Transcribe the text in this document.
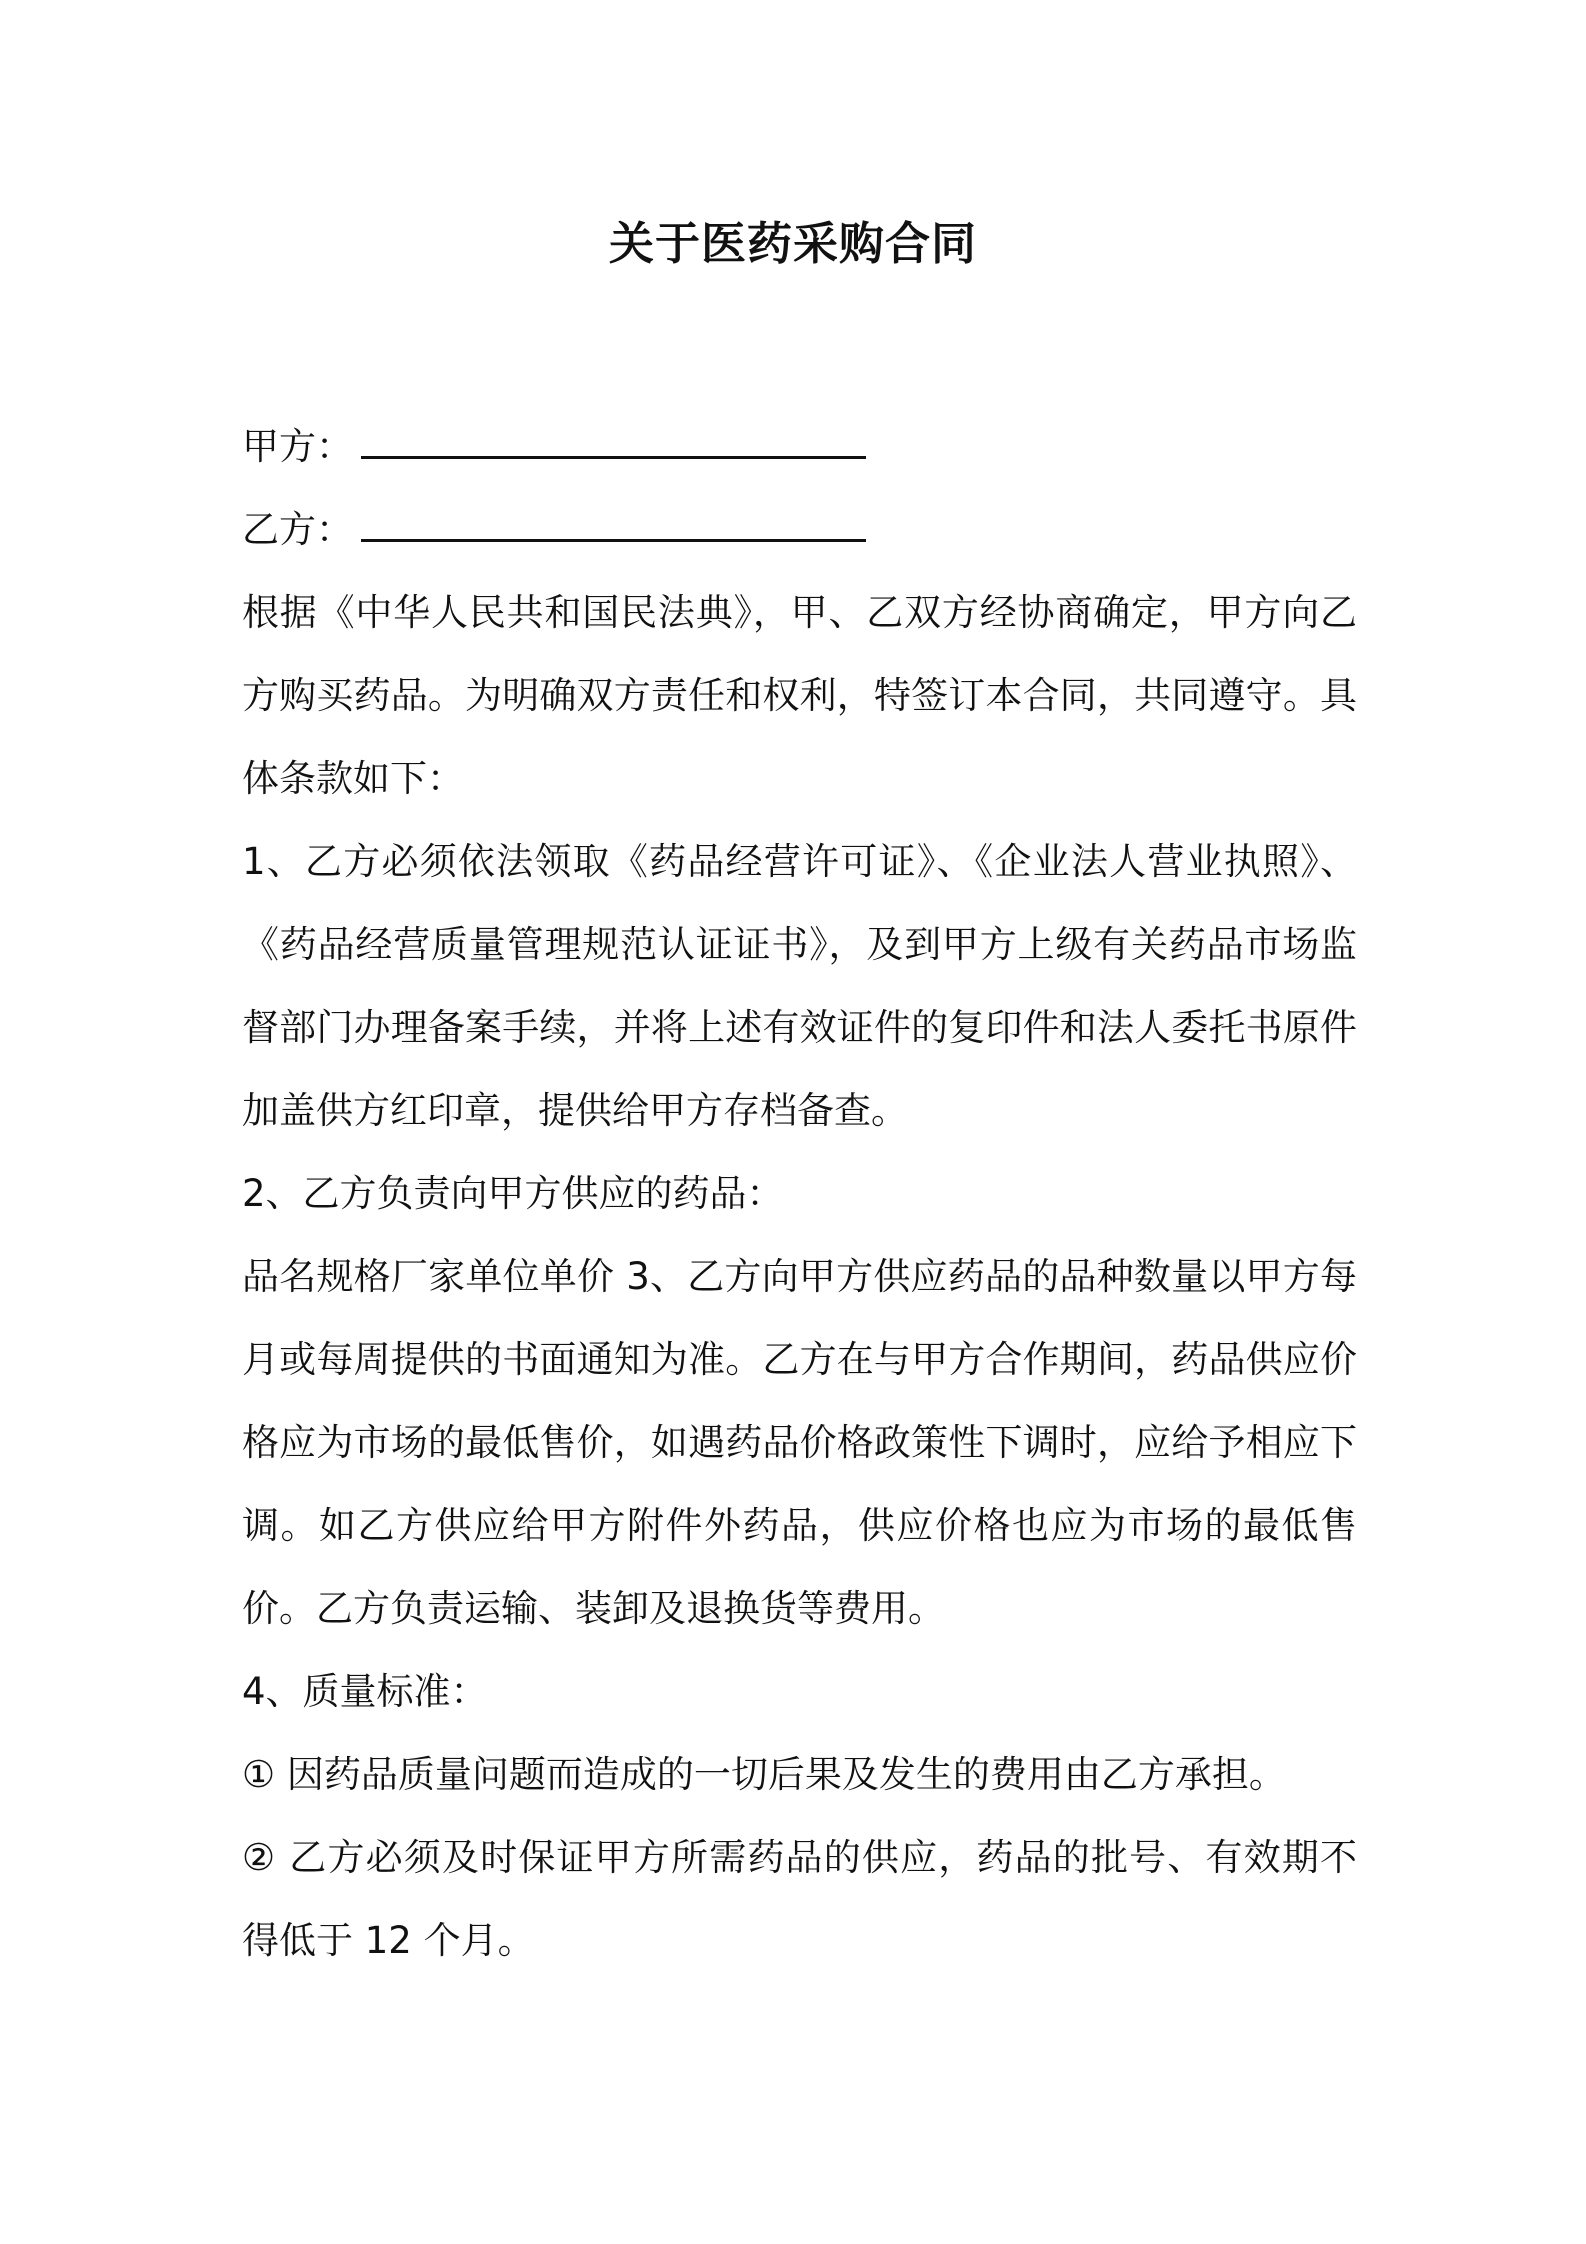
关于医药采购合同

甲方：

乙方：

根据《中华人民共和国民法典》，甲、乙双方经协商确定，甲方向乙方购买药品。为明确双方责任和权利，特签订本合同，共同遵守。具体条款如下：

1、乙方必须依法领取《药品经营许可证》、《企业法人营业执照》、《药品经营质量管理规范认证证书》，及到甲方上级有关药品市场监督部门办理备案手续，并将上述有效证件的复印件和法人委托书原件加盖供方红印章，提供给甲方存档备查。

2、乙方负责向甲方供应的药品：

品名规格厂家单位单价 3、乙方向甲方供应药品的品种数量以甲方每月或每周提供的书面通知为准。乙方在与甲方合作期间，药品供应价格应为市场的最低售价，如遇药品价格政策性下调时，应给予相应下调。如乙方供应给甲方附件外药品，供应价格也应为市场的最低售价。乙方负责运输、装卸及退换货等费用。

4、质量标准：

① 因药品质量问题而造成的一切后果及发生的费用由乙方承担。

② 乙方必须及时保证甲方所需药品的供应，药品的批号、有效期不得低于 12 个月。
